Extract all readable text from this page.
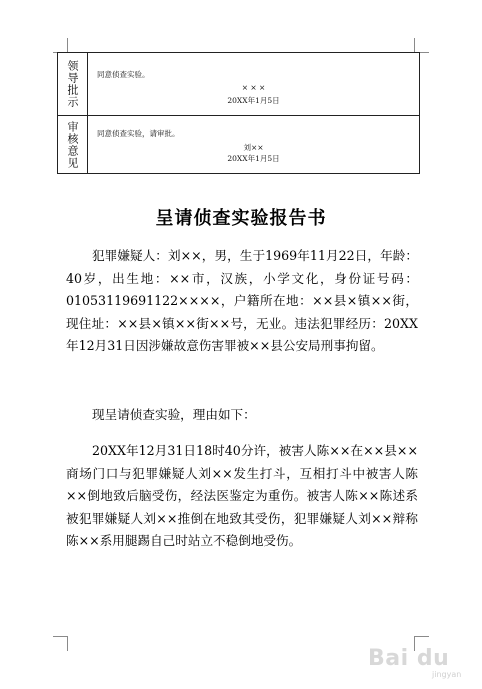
领导批示 同意侦查实验。
× × ×
20XX年1月5日
审核意见 同意侦查实验，请审批。
刘××
20XX年1月5日
呈请侦查实验报告书

犯罪嫌疑人：刘××，男，生于1969年11月22日，年龄：40岁，出生地：××市，汉族，小学文化，身份证号码：01053119691122××××，户籍所在地：××县×镇××街，现住址：××县×镇××街××号，无业。违法犯罪经历：20XX年12月31日因涉嫌故意伤害罪被××县公安局刑事拘留。

现呈请侦查实验，理由如下：

20XX年12月31日18时40分许，被害人陈××在××县××商场门口与犯罪嫌疑人刘××发生打斗，互相打斗中被害人陈××倒地致后脑受伤，经法医鉴定为重伤。被害人陈××陈述系被犯罪嫌疑人刘××推倒在地致其受伤，犯罪嫌疑人刘××辩称陈××系用腿踢自己时站立不稳倒地受伤。

Bai du
jingyan
